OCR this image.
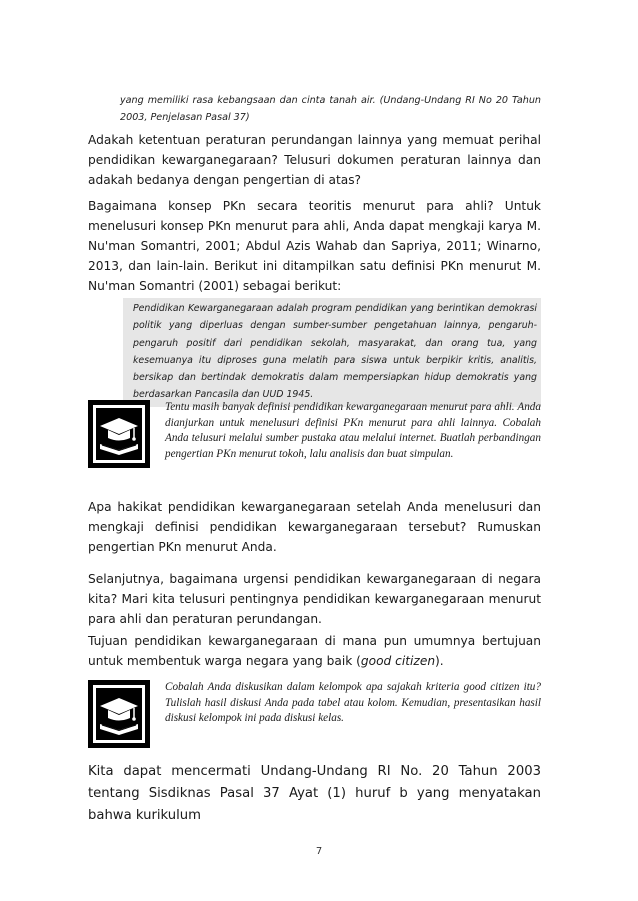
yang memiliki rasa kebangsaan dan cinta tanah air. (Undang-Undang RI No 20 Tahun 2003, Penjelasan Pasal 37)
Adakah ketentuan peraturan perundangan lainnya yang memuat perihal pendidikan kewarganegaraan? Telusuri dokumen peraturan lainnya dan adakah bedanya dengan pengertian di atas?
Bagaimana konsep PKn secara teoritis menurut para ahli? Untuk menelusuri konsep PKn menurut para ahli, Anda dapat mengkaji karya M. Nu'man Somantri, 2001; Abdul Azis Wahab dan Sapriya, 2011; Winarno, 2013, dan lain-lain. Berikut ini ditampilkan satu definisi PKn menurut M. Nu'man Somantri (2001) sebagai berikut:
Pendidikan Kewarganegaraan adalah program pendidikan yang berintikan demokrasi politik yang diperluas dengan sumber-sumber pengetahuan lainnya, pengaruh-pengaruh positif dari pendidikan sekolah, masyarakat, dan orang tua, yang kesemuanya itu diproses guna melatih para siswa untuk berpikir kritis, analitis, bersikap dan bertindak demokratis dalam mempersiapkan hidup demokratis yang berdasarkan Pancasila dan UUD 1945.
Tentu masih banyak definisi pendidikan kewarganegaraan menurut para ahli. Anda dianjurkan untuk menelusuri definisi PKn menurut para ahli lainnya. Cobalah Anda telusuri melalui sumber pustaka atau melalui internet. Buatlah perbandingan pengertian PKn menurut tokoh, lalu analisis dan buat simpulan.
Apa hakikat pendidikan kewarganegaraan setelah Anda menelusuri dan mengkaji definisi pendidikan kewarganegaraan tersebut? Rumuskan pengertian PKn menurut Anda.
Selanjutnya, bagaimana urgensi pendidikan kewarganegaraan di negara kita? Mari kita telusuri pentingnya pendidikan kewarganegaraan menurut para ahli dan peraturan perundangan.
Tujuan pendidikan kewarganegaraan di mana pun umumnya bertujuan untuk membentuk warga negara yang baik (good citizen).
Cobalah Anda diskusikan dalam kelompok apa sajakah kriteria good citizen itu? Tulislah hasil diskusi Anda pada tabel atau kolom. Kemudian, presentasikan hasil diskusi kelompok ini pada diskusi kelas.
Kita dapat mencermati Undang-Undang RI No. 20 Tahun 2003 tentang Sisdiknas Pasal 37 Ayat (1) huruf b yang menyatakan bahwa kurikulum
7
